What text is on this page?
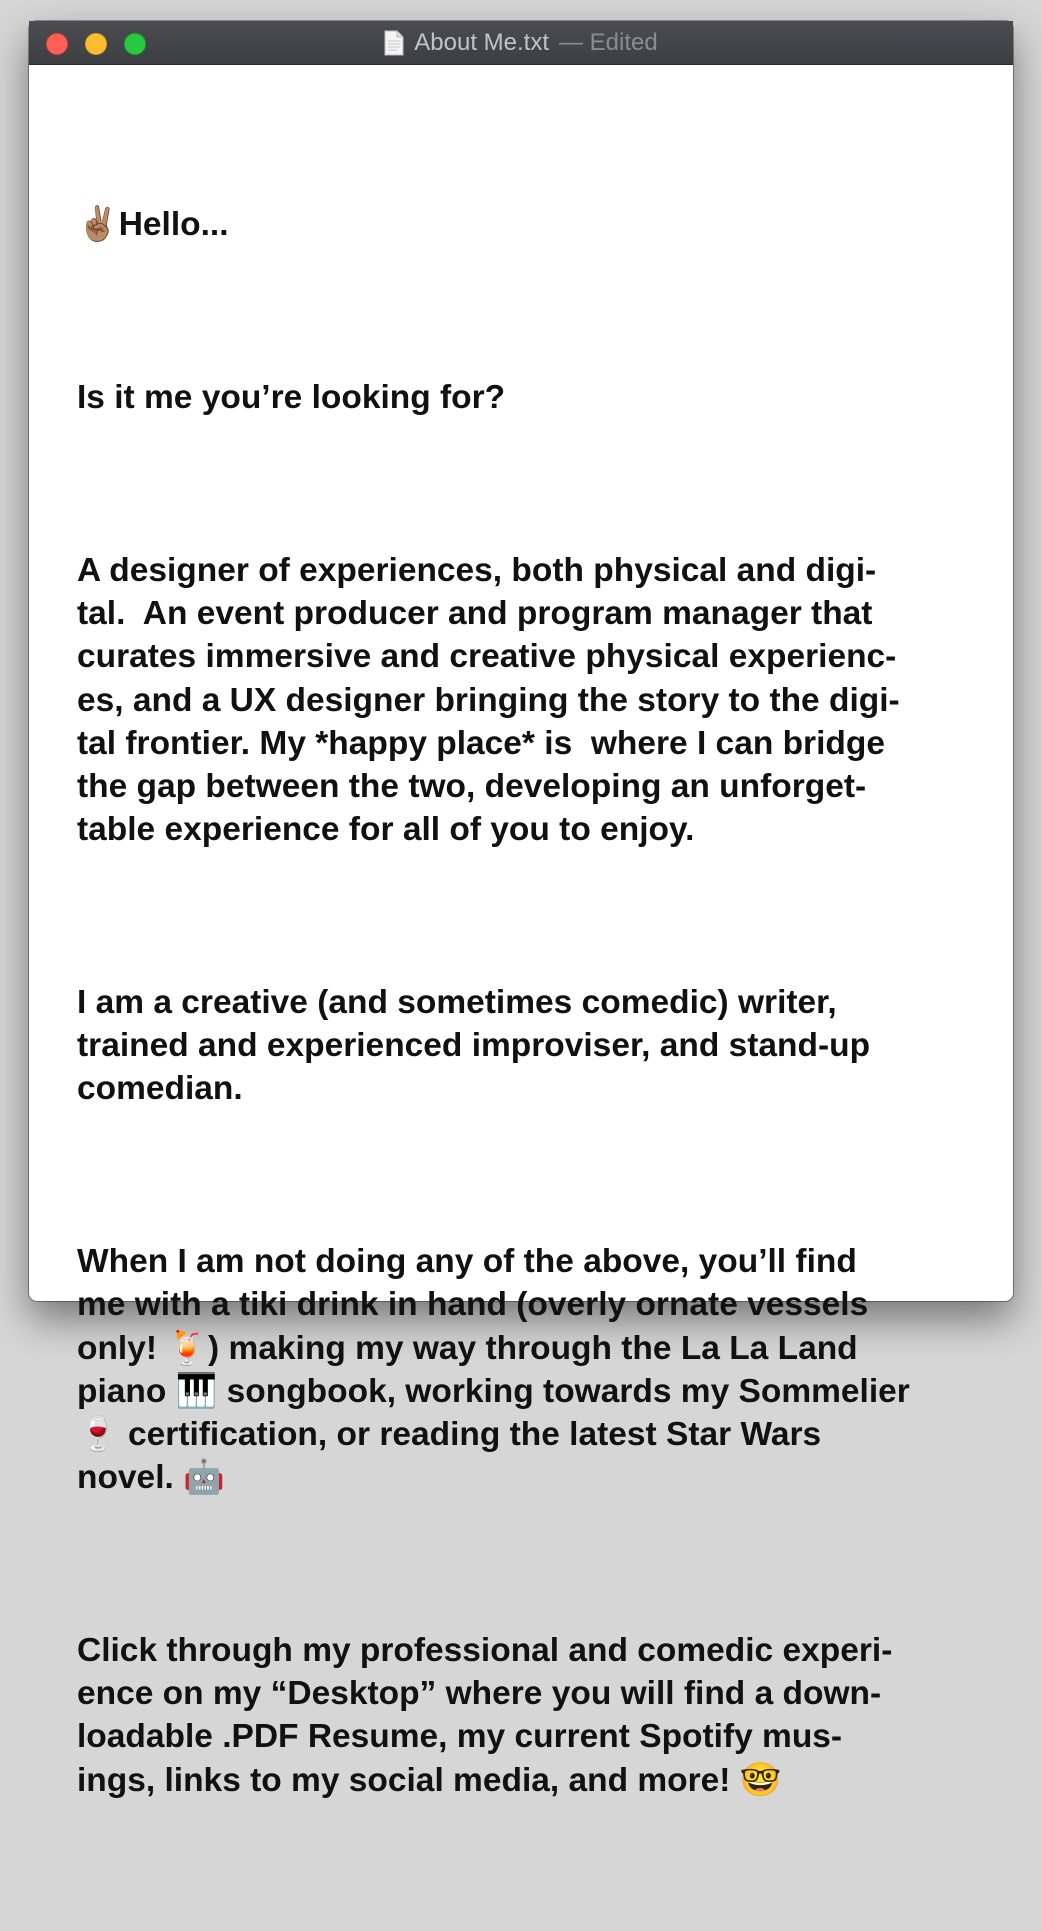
About Me.txt — Edited

✌🏽Hello...

Is it me you’re looking for?

A designer of experiences, both physical and digi-
tal.  An event producer and program manager that
curates immersive and creative physical experienc-
es, and a UX designer bringing the story to the digi-
tal frontier. My *happy place* is  where I can bridge
the gap between the two, developing an unforget-
table experience for all of you to enjoy.

I am a creative (and sometimes comedic) writer,
trained and experienced improviser, and stand-up
comedian.

When I am not doing any of the above, you’ll find
me with a tiki drink in hand (overly ornate vessels
only! 🍹) making my way through the La La Land
piano 🎹 songbook, working towards my Sommelier
🍷 certification, or reading the latest Star Wars
novel. 🤖

Click through my professional and comedic experi-
ence on my “Desktop” where you will find a down-
loadable .PDF Resume, my current Spotify mus-
ings, links to my social media, and more! 🤓
